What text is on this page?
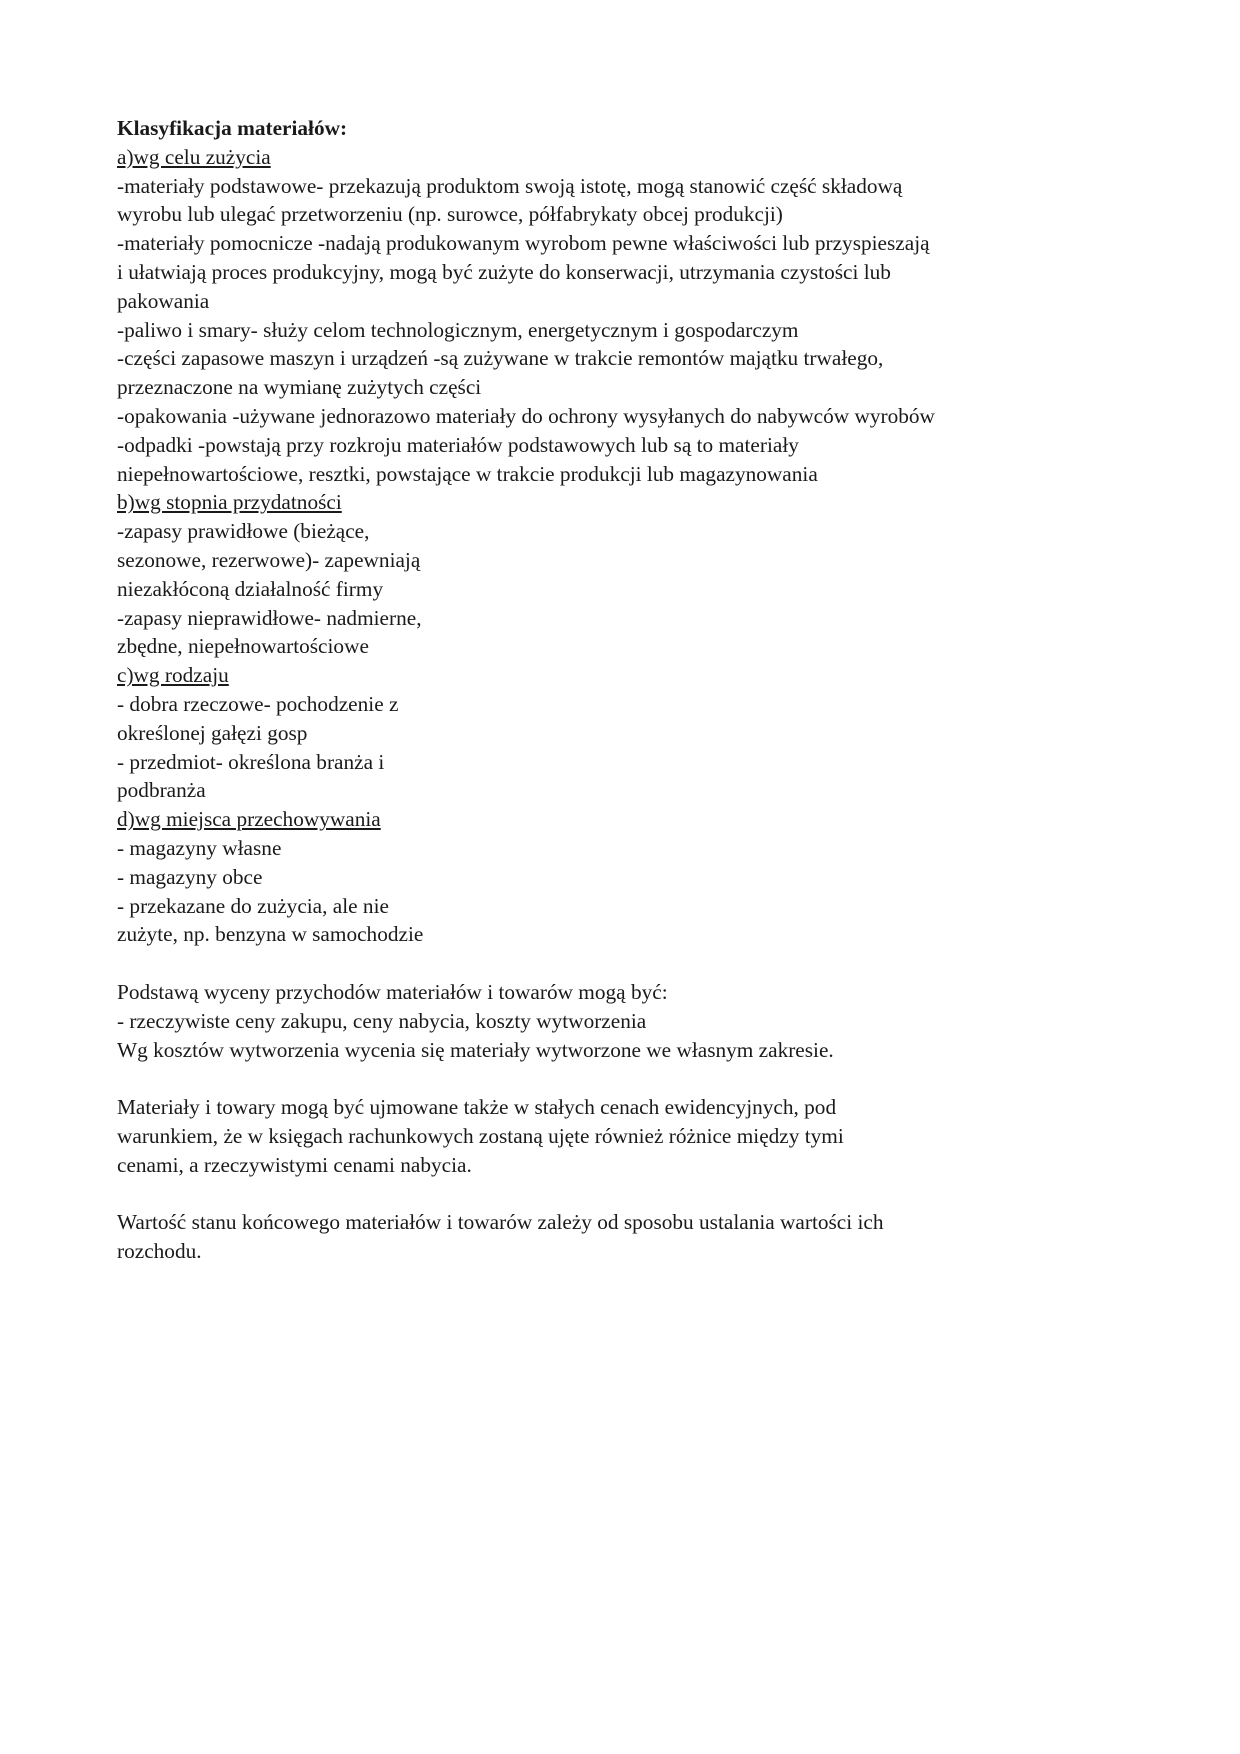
Klasyfikacja materiałów:
a)wg celu zużycia
-materiały podstawowe- przekazują produktom swoją istotę, mogą stanowić część składową
wyrobu lub ulegać przetworzeniu (np. surowce, półfabrykaty obcej produkcji)
-materiały pomocnicze -nadają produkowanym wyrobom pewne właściwości lub przyspieszają
i ułatwiają proces produkcyjny, mogą być zużyte do konserwacji, utrzymania czystości lub
pakowania
-paliwo i smary- służy celom technologicznym, energetycznym i gospodarczym
-części zapasowe maszyn i urządzeń -są zużywane w trakcie remontów majątku trwałego,
przeznaczone na wymianę zużytych części
-opakowania -używane jednorazowo materiały do ochrony wysyłanych do nabywców wyrobów
-odpadki -powstają przy rozkroju materiałów podstawowych lub są to materiały
niepełnowartościowe, resztki, powstające w trakcie produkcji lub magazynowania
b)wg stopnia przydatności
-zapasy prawidłowe (bieżące,
sezonowe, rezerwowe)- zapewniają
niezakłóconą działalność firmy
-zapasy nieprawidłowe- nadmierne,
zbędne, niepełnowartościowe
c)wg rodzaju
- dobra rzeczowe- pochodzenie z
określonej gałęzi gosp
- przedmiot- określona branża i
podbranża
d)wg miejsca przechowywania
- magazyny własne
- magazyny obce
- przekazane do zużycia, ale nie
zużyte, np. benzyna w samochodzie
Podstawą wyceny przychodów materiałów i towarów mogą być:
- rzeczywiste ceny zakupu, ceny nabycia, koszty wytworzenia
Wg kosztów wytworzenia wycenia się materiały wytworzone we własnym zakresie.
Materiały i towary mogą być ujmowane także w stałych cenach ewidencyjnych, pod
warunkiem, że w księgach rachunkowych zostaną ujęte również różnice między tymi
cenami, a rzeczywistymi cenami nabycia.
Wartość stanu końcowego materiałów i towarów zależy od sposobu ustalania wartości ich
rozchodu.
